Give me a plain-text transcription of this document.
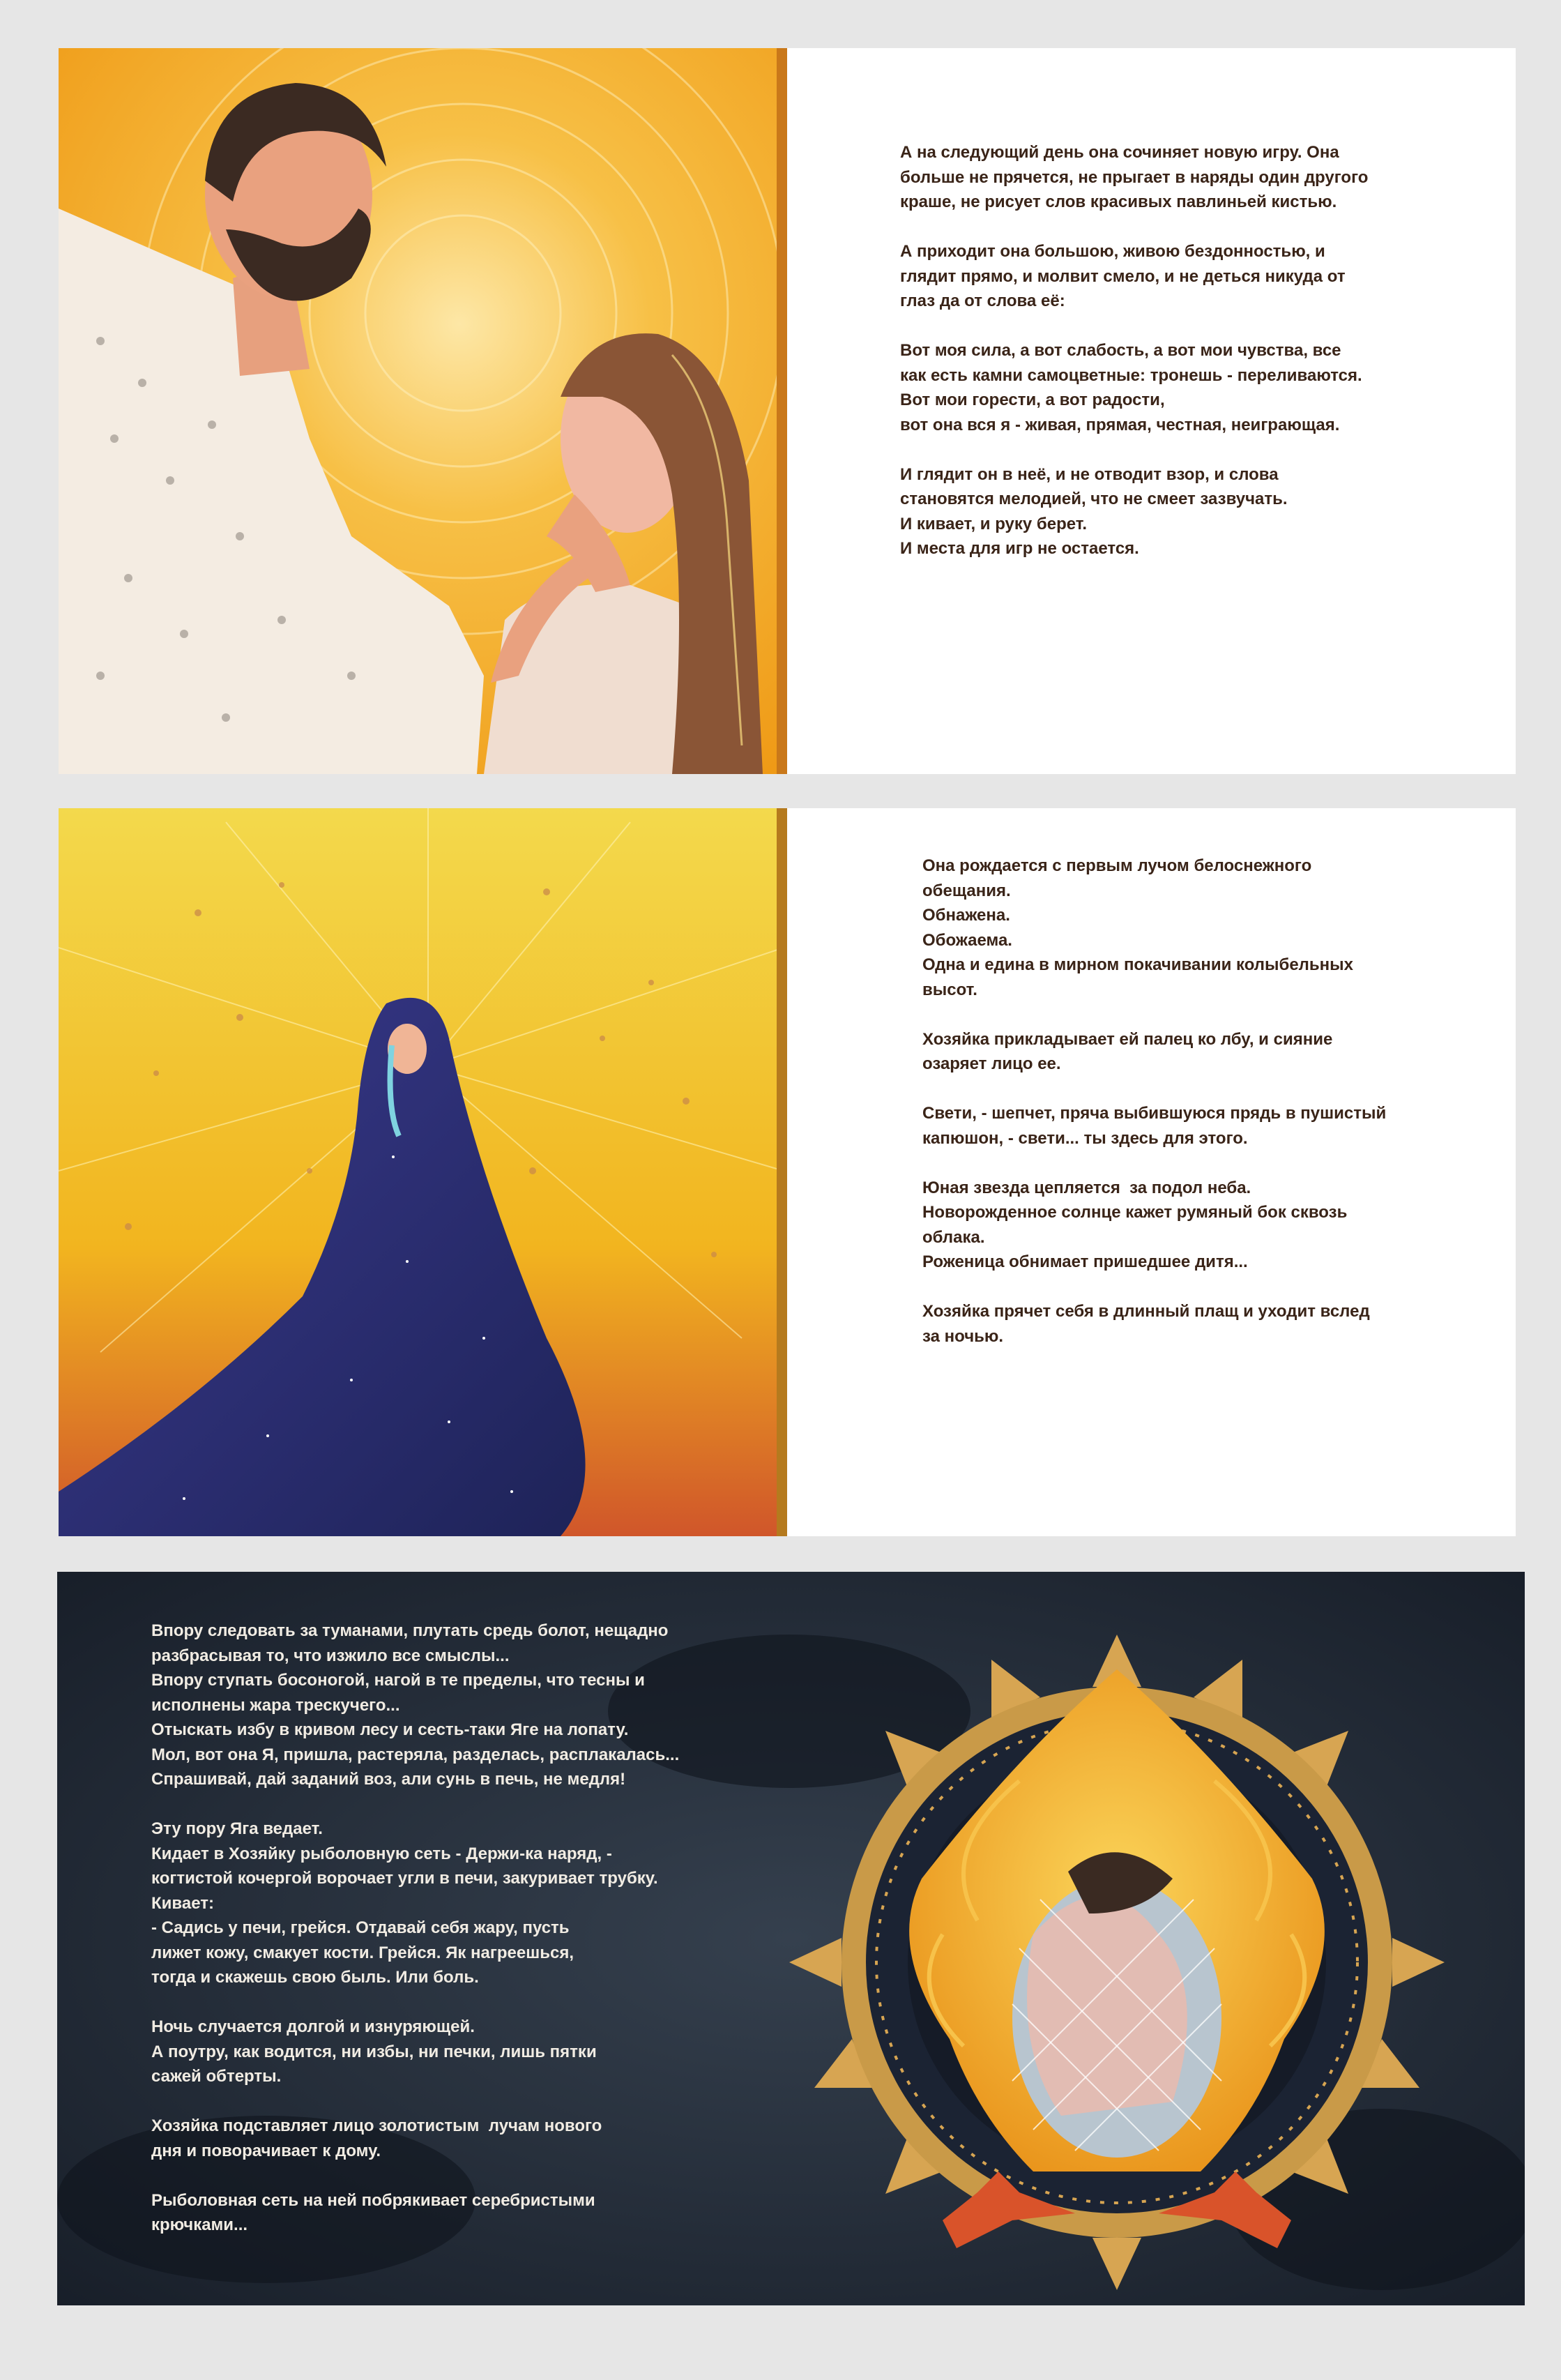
А на следующий день она сочиняет новую игру. Она
больше не прячется, не прыгает в наряды один другого
краше, не рисует слов красивых павлиньей кистью.

А приходит она большою, живою бездонностью, и
глядит прямо, и молвит смело, и не деться никуда от
глаз да от слова её:

Вот моя сила, а вот слабость, а вот мои чувства, все
как есть камни самоцветные: тронешь - переливаются.
Вот мои горести, а вот радости,
вот она вся я - живая, прямая, честная, неиграющая.

И глядит он в неё, и не отводит взор, и слова
становятся мелодией, что не смеет зазвучать.
И кивает, и руку берет.
И места для игр не остается.
Она рождается с первым лучом белоснежного
обещания.
Обнажена.
Обожаема.
Одна и едина в мирном покачивании колыбельных
высот.

Хозяйка прикладывает ей палец ко лбу, и сияние
озаряет лицо ее.

Свети, - шепчет, пряча выбившуюся прядь в пушистый
капюшон, - свети... ты здесь для этого.

Юная звезда цепляется  за подол неба.
Новорожденное солнце кажет румяный бок сквозь
облака.
Роженица обнимает пришедшее дитя...

Хозяйка прячет себя в длинный плащ и уходит вслед
за ночью.
Впору следовать за туманами, плутать средь болот, нещадно
разбрасывая то, что изжило все смыслы...
Впору ступать босоногой, нагой в те пределы, что тесны и
исполнены жара трескучего...
Отыскать избу в кривом лесу и сесть-таки Яге на лопату.
Мол, вот она Я, пришла, растеряла, разделась, расплакалась...
Спрашивай, дай заданий воз, али сунь в печь, не медля!

Эту пору Яга ведает.
Кидает в Хозяйку рыболовную сеть - Держи-ка наряд, -
когтистой кочергой ворочает угли в печи, закуривает трубку.
Кивает:
- Садись у печи, грейся. Отдавай себя жару, пусть
лижет кожу, смакует кости. Грейся. Як нагреешься,
тогда и скажешь свою быль. Или боль.

Ночь случается долгой и изнуряющей.
А поутру, как водится, ни избы, ни печки, лишь пятки
сажей обтерты.

Хозяйка подставляет лицо золотистым  лучам нового
дня и поворачивает к дому.

Рыболовная сеть на ней побрякивает серебристыми
крючками...
